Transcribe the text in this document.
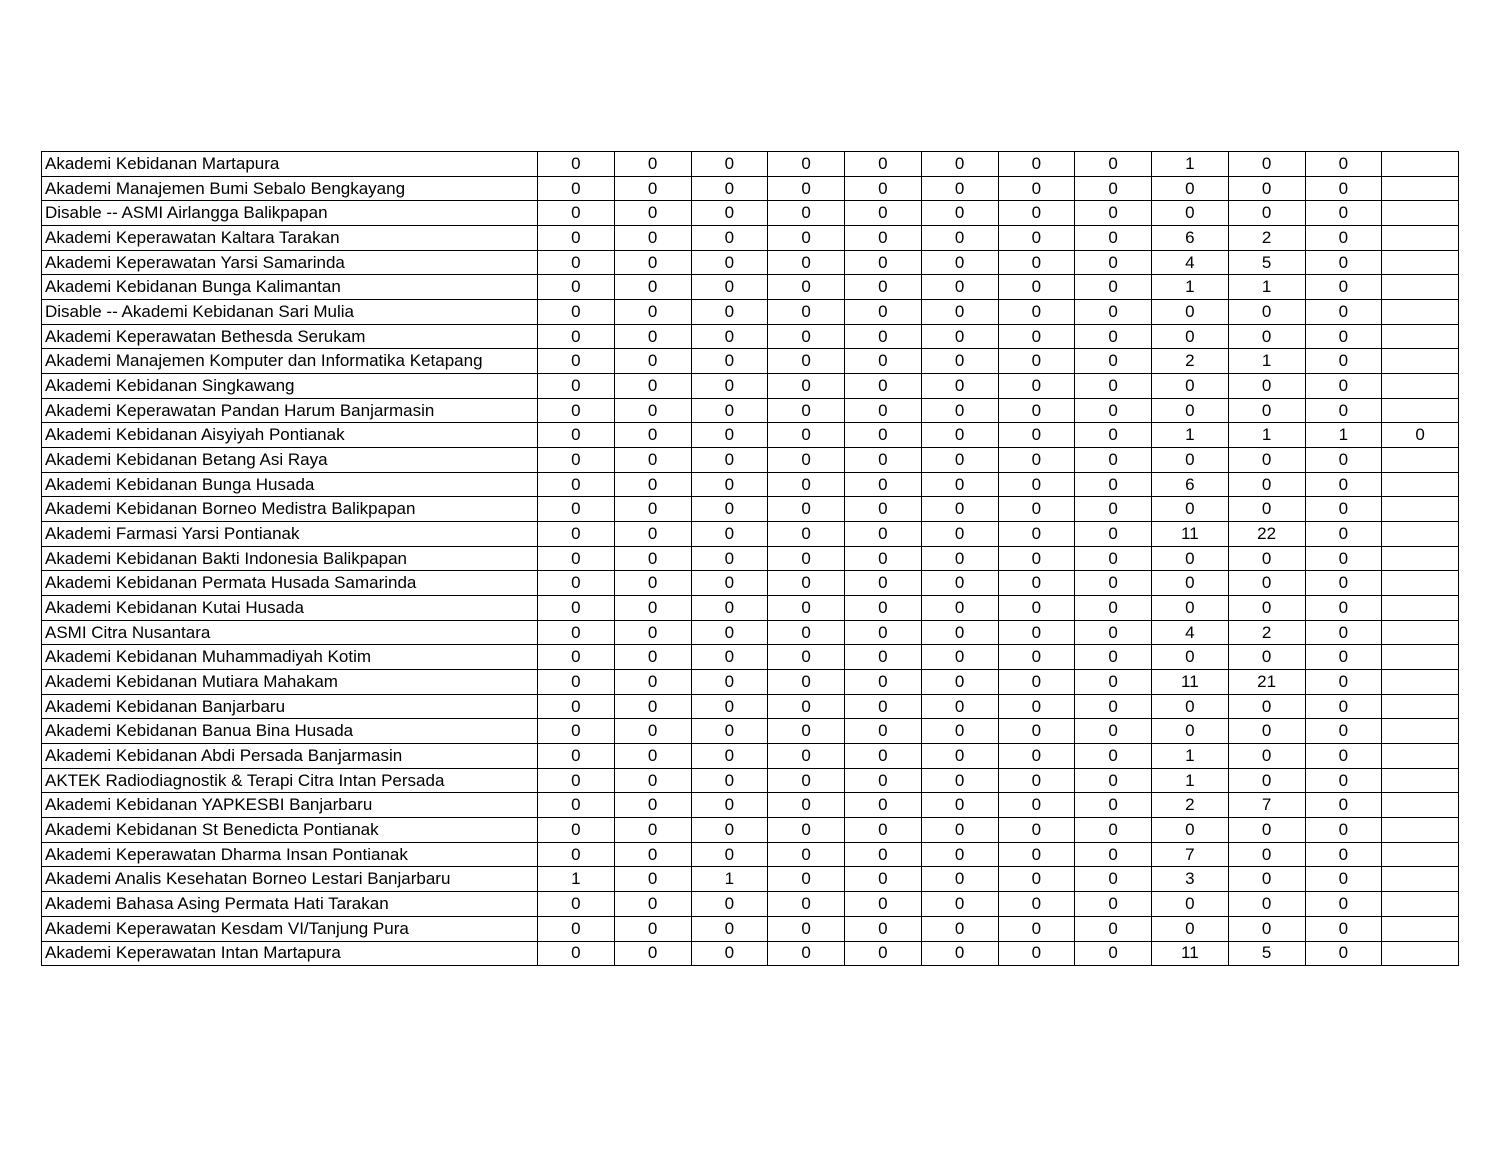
Akademi Kebidanan Martapura	0	0	0	0	0	0	0	0	1	0	0	
Akademi Manajemen Bumi Sebalo Bengkayang	0	0	0	0	0	0	0	0	0	0	0	
Disable -- ASMI Airlangga Balikpapan	0	0	0	0	0	0	0	0	0	0	0	
Akademi Keperawatan Kaltara Tarakan	0	0	0	0	0	0	0	0	6	2	0	
Akademi Keperawatan Yarsi Samarinda	0	0	0	0	0	0	0	0	4	5	0	
Akademi Kebidanan Bunga Kalimantan	0	0	0	0	0	0	0	0	1	1	0	
Disable -- Akademi Kebidanan Sari Mulia	0	0	0	0	0	0	0	0	0	0	0	
Akademi Keperawatan Bethesda Serukam	0	0	0	0	0	0	0	0	0	0	0	
Akademi Manajemen Komputer dan Informatika Ketapang	0	0	0	0	0	0	0	0	2	1	0	
Akademi Kebidanan Singkawang	0	0	0	0	0	0	0	0	0	0	0	
Akademi Keperawatan Pandan Harum Banjarmasin	0	0	0	0	0	0	0	0	0	0	0	
Akademi Kebidanan Aisyiyah Pontianak	0	0	0	0	0	0	0	0	1	1	1	0
Akademi Kebidanan Betang Asi Raya	0	0	0	0	0	0	0	0	0	0	0	
Akademi Kebidanan Bunga Husada	0	0	0	0	0	0	0	0	6	0	0	
Akademi Kebidanan Borneo Medistra Balikpapan	0	0	0	0	0	0	0	0	0	0	0	
Akademi Farmasi Yarsi Pontianak	0	0	0	0	0	0	0	0	11	22	0	
Akademi Kebidanan Bakti Indonesia Balikpapan	0	0	0	0	0	0	0	0	0	0	0	
Akademi Kebidanan Permata Husada Samarinda	0	0	0	0	0	0	0	0	0	0	0	
Akademi Kebidanan Kutai Husada	0	0	0	0	0	0	0	0	0	0	0	
ASMI Citra Nusantara	0	0	0	0	0	0	0	0	4	2	0	
Akademi Kebidanan Muhammadiyah Kotim	0	0	0	0	0	0	0	0	0	0	0	
Akademi Kebidanan Mutiara Mahakam	0	0	0	0	0	0	0	0	11	21	0	
Akademi Kebidanan Banjarbaru	0	0	0	0	0	0	0	0	0	0	0	
Akademi Kebidanan Banua Bina Husada	0	0	0	0	0	0	0	0	0	0	0	
Akademi Kebidanan Abdi Persada Banjarmasin	0	0	0	0	0	0	0	0	1	0	0	
AKTEK Radiodiagnostik & Terapi Citra Intan Persada	0	0	0	0	0	0	0	0	1	0	0	
Akademi Kebidanan YAPKESBI Banjarbaru	0	0	0	0	0	0	0	0	2	7	0	
Akademi Kebidanan St Benedicta Pontianak	0	0	0	0	0	0	0	0	0	0	0	
Akademi Keperawatan Dharma Insan Pontianak	0	0	0	0	0	0	0	0	7	0	0	
Akademi Analis Kesehatan Borneo Lestari Banjarbaru	1	0	1	0	0	0	0	0	3	0	0	
Akademi Bahasa Asing Permata Hati Tarakan	0	0	0	0	0	0	0	0	0	0	0	
Akademi Keperawatan Kesdam VI/Tanjung Pura	0	0	0	0	0	0	0	0	0	0	0	
Akademi Keperawatan Intan Martapura	0	0	0	0	0	0	0	0	11	5	0	
